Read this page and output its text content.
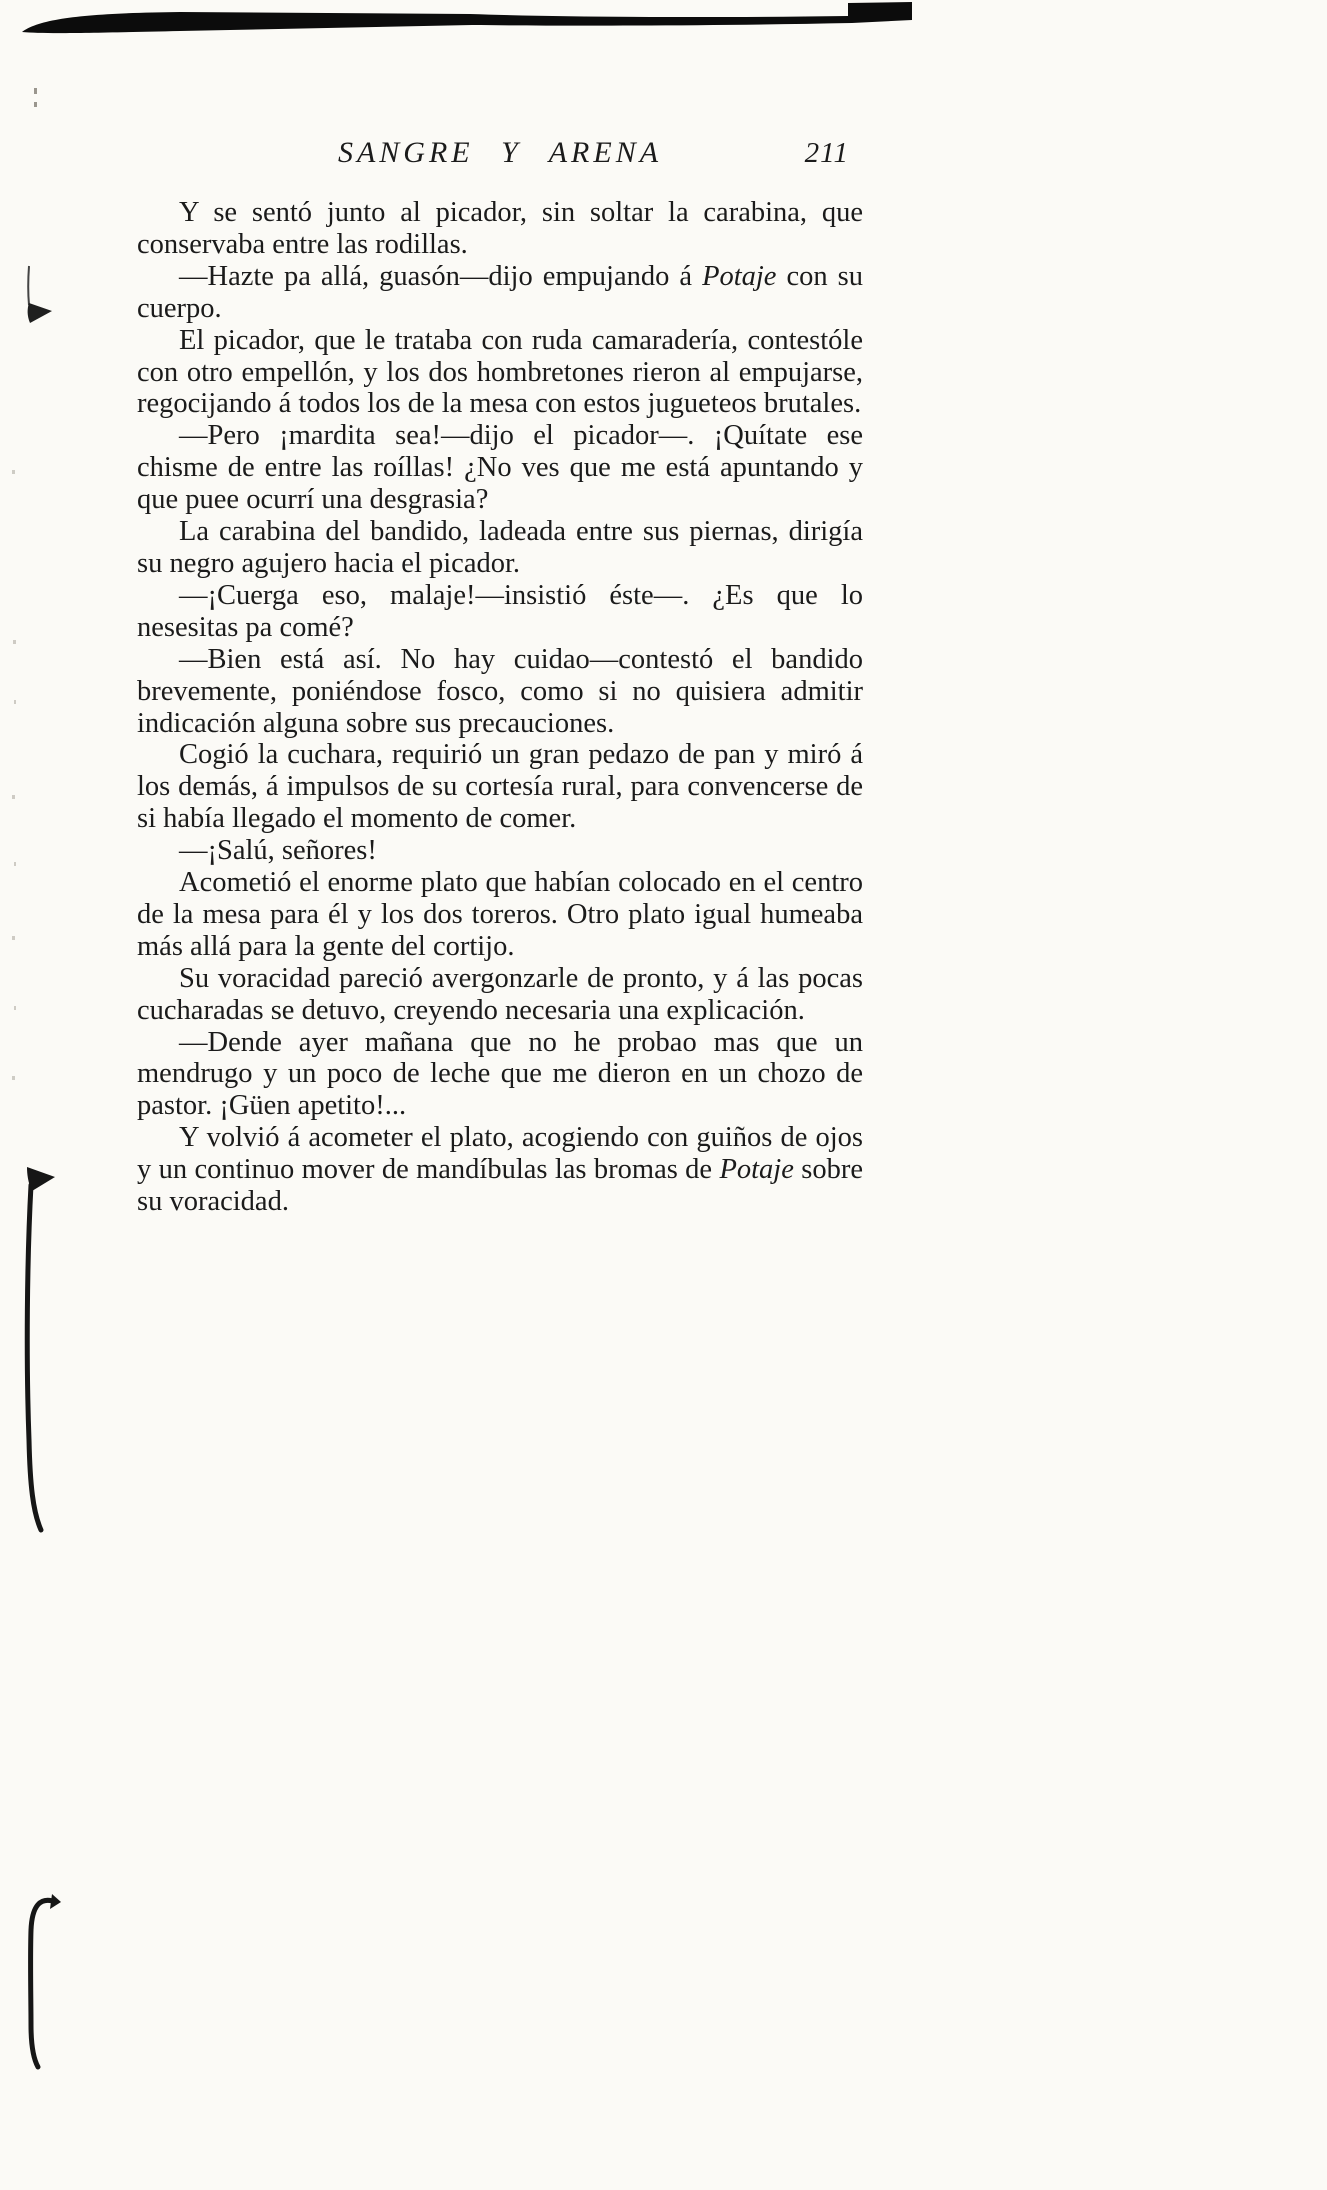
SANGRE Y ARENA	211

Y se sentó junto al picador, sin soltar la carabina, que conservaba entre las rodillas.

—Hazte pa allá, guasón—dijo empujando á Potaje con su cuerpo.

El picador, que le trataba con ruda camaradería, contestóle con otro empellón, y los dos hombretones rieron al empujarse, regocijando á todos los de la mesa con estos jugueteos brutales.

—Pero ¡mardita sea!—dijo el picador—. ¡Quítate ese chisme de entre las roíllas! ¿No ves que me está apuntando y que puee ocurrí una desgrasia?

La carabina del bandido, ladeada entre sus piernas, dirigía su negro agujero hacia el picador.

—¡Cuerga eso, malaje!—insistió éste—. ¿Es que lo nesesitas pa comé?

—Bien está así. No hay cuidao—contestó el bandido brevemente, poniéndose fosco, como si no quisiera admitir indicación alguna sobre sus precauciones.

Cogió la cuchara, requirió un gran pedazo de pan y miró á los demás, á impulsos de su cortesía rural, para convencerse de si había llegado el momento de comer.

—¡Salú, señores!

Acometió el enorme plato que habían colocado en el centro de la mesa para él y los dos toreros. Otro plato igual humeaba más allá para la gente del cortijo.

Su voracidad pareció avergonzarle de pronto, y á las pocas cucharadas se detuvo, creyendo necesaria una explicación.

—Dende ayer mañana que no he probao mas que un mendrugo y un poco de leche que me dieron en un chozo de pastor. ¡Güen apetito!...

Y volvió á acometer el plato, acogiendo con guiños de ojos y un continuo mover de mandíbulas las bromas de Potaje sobre su voracidad.
